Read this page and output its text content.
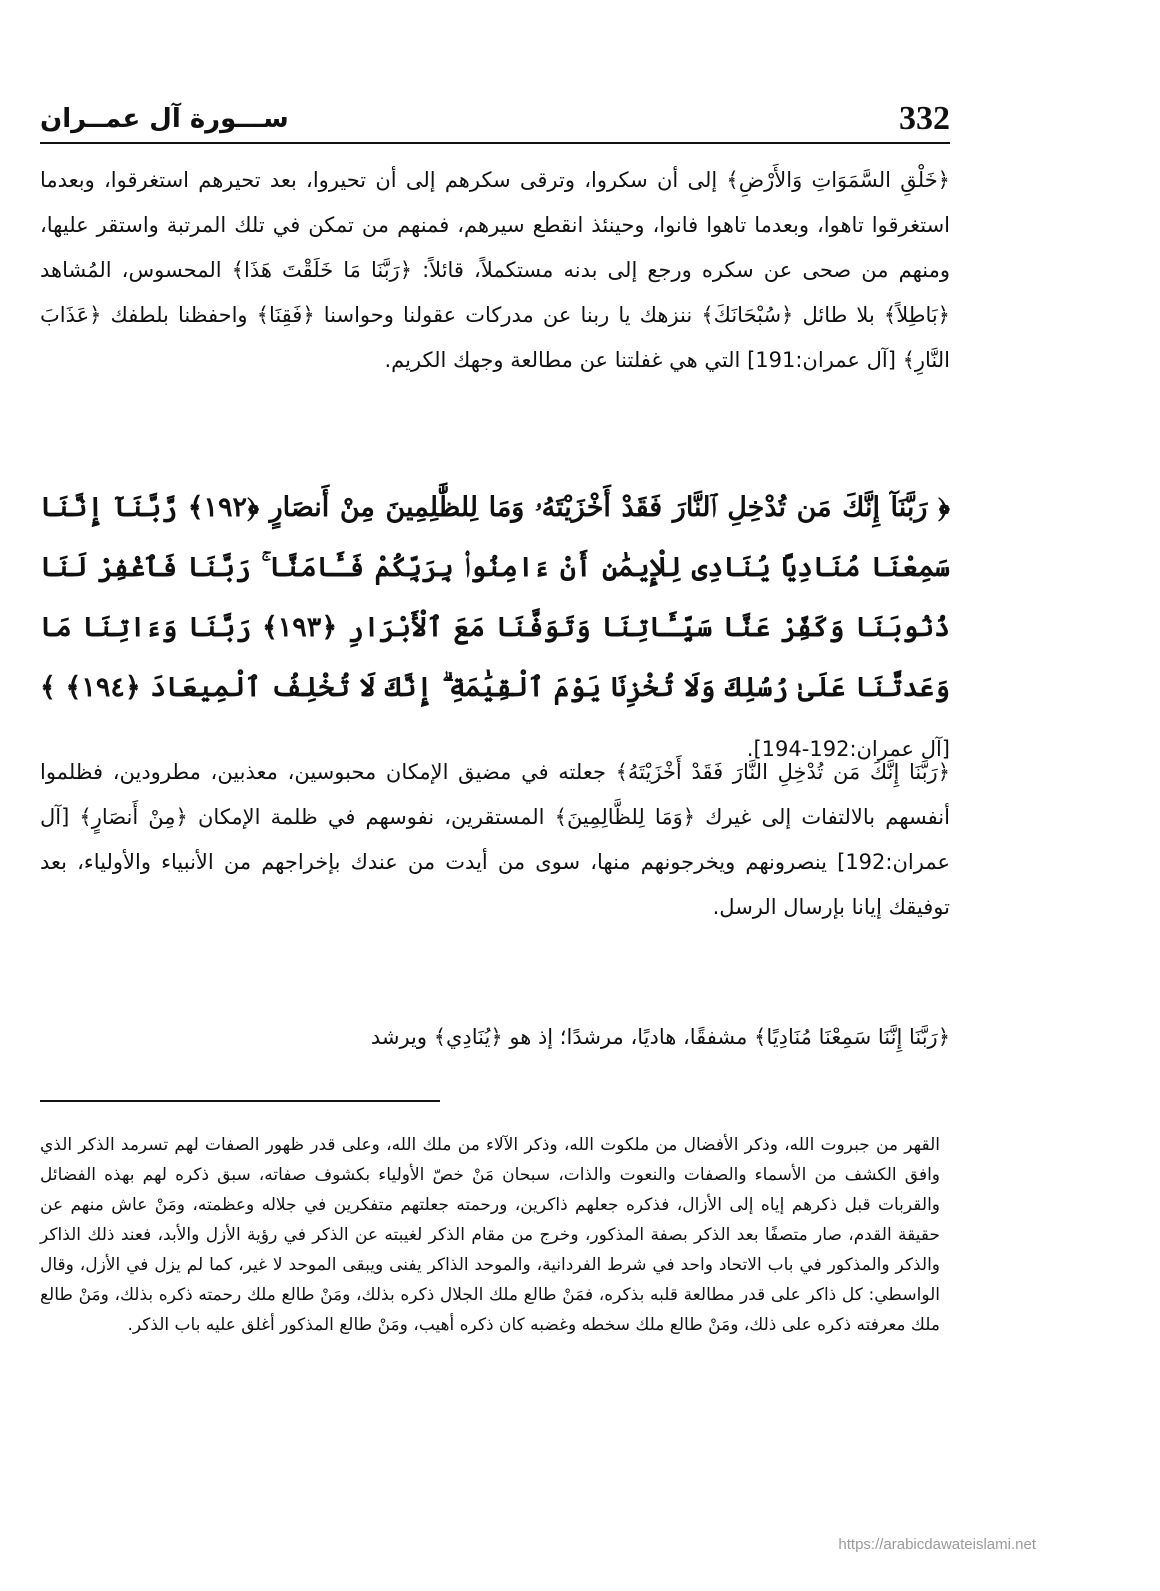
332
ســـورة آل عمــران
﴿خَلْقِ السَّمَوَاتِ وَالأَرْضِ﴾ إلى أن سكروا، وترقى سكرهم إلى أن تحيروا، بعد تحيرهم استغرقوا، وبعدما استغرقوا تاهوا، وبعدما تاهوا فانوا، وحينئذ انقطع سيرهم، فمنهم من تمكن في تلك المرتبة واستقر عليها، ومنهم من صحى عن سكره ورجع إلى بدنه مستكملاً، قائلاً: ﴿رَبَّنَا مَا خَلَقْتَ هَذَا﴾ المحسوس، المُشاهد ﴿بَاطِلاً﴾ بلا طائل ﴿سُبْحَانَكَ﴾ ننزهك يا ربنا عن مدركات عقولنا وحواسنا ﴿فَقِنَا﴾ واحفظنا بلطفك ﴿عَذَابَ النَّارِ﴾ [آل عمران:191] التي هي غفلتنا عن مطالعة وجهك الكريم.
﴿ رَبَّنَآ إِنَّكَ مَن تُدْخِلِ ٱلنَّارَ فَقَدْ أَخْزَيْتَهُۥ وَمَا لِلظَّٰلِمِينَ مِنْ أَنصَارٍ ﴿١٩٢﴾ رَّبَّنَآ إِنَّنَا سَمِعْنَا مُنَادِيًا يُنَادِى لِلْإِيمَٰنِ أَنْ ءَامِنُوا۟ بِرَبِّكُمْ فَـَٔامَنَّا ۚ رَبَّنَا فَٱغْفِرْ لَنَا ذُنُوبَنَا وَكَفِّرْ عَنَّا سَيِّـَٔاتِنَا وَتَوَفَّنَا مَعَ ٱلْأَبْرَارِ ﴿١٩٣﴾ رَبَّنَا وَءَاتِنَا مَا وَعَدتَّنَا عَلَىٰ رُسُلِكَ وَلَا تُخْزِنَا يَوْمَ ٱلْقِيَٰمَةِ ۗ إِنَّكَ لَا تُخْلِفُ ٱلْمِيعَادَ ﴿١٩٤﴾ ﴾ [آل عمران:192-194].
﴿رَبَّنَا إِنَّكَ مَن تُدْخِلِ النَّارَ فَقَدْ أَخْزَيْتَهُ﴾ جعلته في مضيق الإمكان محبوسين، معذبين، مطرودين، فظلموا أنفسهم بالالتفات إلى غيرك ﴿وَمَا لِلظَّالِمِينَ﴾ المستقرين، نفوسهم في ظلمة الإمكان ﴿مِنْ أَنصَارٍ﴾ [آل عمران:192] ينصرونهم ويخرجونهم منها، سوى من أيدت من عندك بإخراجهم من الأنبياء والأولياء، بعد توفيقك إيانا بإرسال الرسل.
﴿رَبَّنَا إِنَّنَا سَمِعْنَا مُنَادِيًا﴾ مشفقًا، هاديًا، مرشدًا؛ إذ هو ﴿يُنَادِي﴾ ويرشد
القهر من جبروت الله، وذكر الأفضال من ملكوت الله، وذكر الآلاء من ملك الله، وعلى قدر ظهور الصفات لهم تسرمد الذكر الذي وافق الكشف من الأسماء والصفات والنعوت والذات، سبحان مَنْ خصّ الأولياء بكشوف صفاته، سبق ذكره لهم بهذه الفضائل والقربات قبل ذكرهم إياه إلى الأزال، فذكره جعلهم ذاكرين، ورحمته جعلتهم متفكرين في جلاله وعظمته، ومَنْ عاش منهم عن حقيقة القدم، صار متصفًا بعد الذكر بصفة المذكور، وخرج من مقام الذكر لغيبته عن الذكر في رؤية الأزل والأبد، فعند ذلك الذاكر والذكر والمذكور في باب الاتحاد واحد في شرط الفردانية، والموحد الذاكر يفنى ويبقى الموحد لا غير، كما لم يزل في الأزل، وقال الواسطي: كل ذاكر على قدر مطالعة قلبه بذكره، فمَنْ طالع ملك الجلال ذكره بذلك، ومَنْ طالع ملك رحمته ذكره بذلك، ومَنْ طالع ملك معرفته ذكره على ذلك، ومَنْ طالع ملك سخطه وغضبه كان ذكره أهيب، ومَنْ طالع المذكور أغلق عليه باب الذكر.
https://arabicdawateislami.net
